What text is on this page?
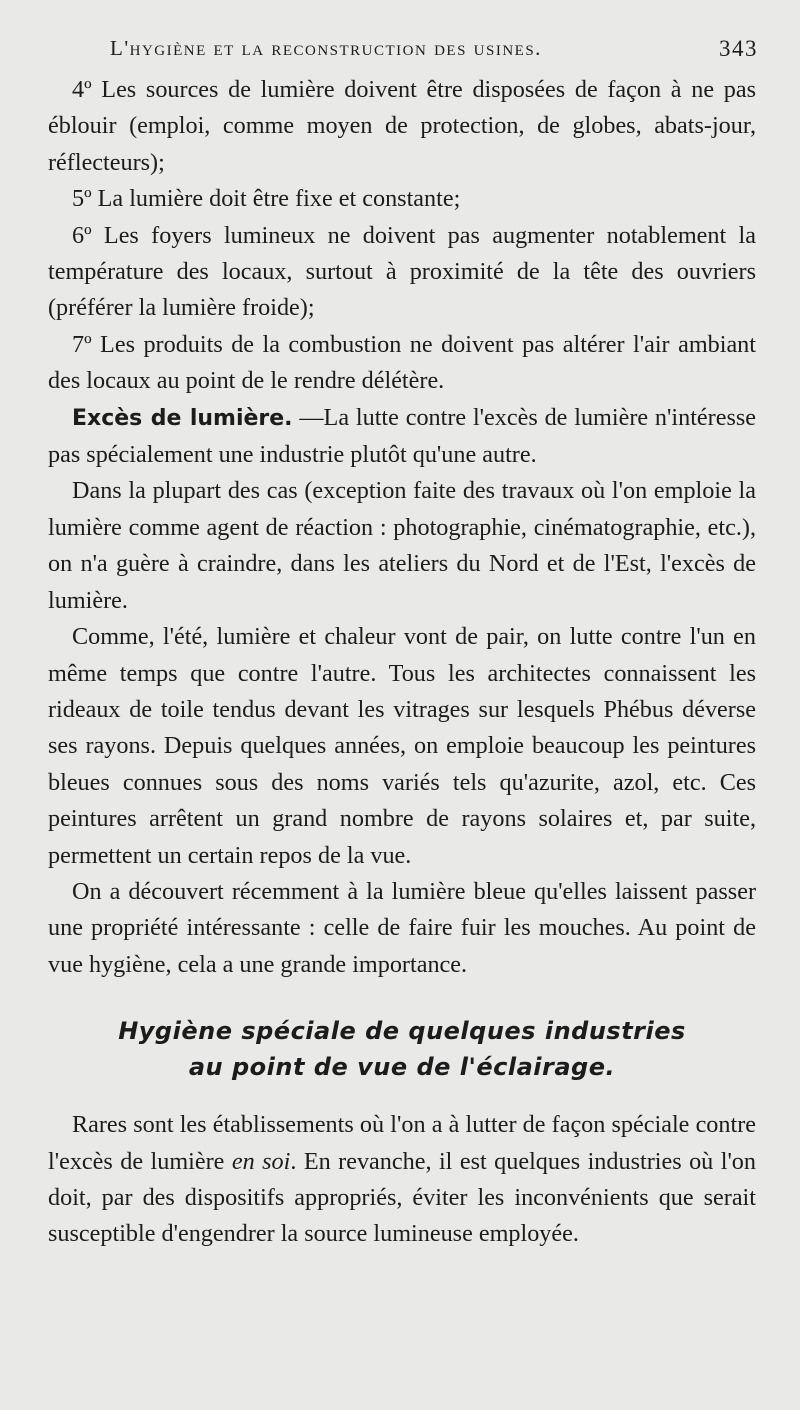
L'hygiène et la reconstruction des usines.	343

4º Les sources de lumière doivent être disposées de façon à ne pas éblouir (emploi, comme moyen de protection, de globes, abats-jour, réflecteurs);

5º La lumière doit être fixe et constante;

6º Les foyers lumineux ne doivent pas augmenter notablement la température des locaux, surtout à proximité de la tête des ouvriers (préférer la lumière froide);

7º Les produits de la combustion ne doivent pas altérer l'air ambiant des locaux au point de le rendre délétère.

Excès de lumière. —La lutte contre l'excès de lumière n'intéresse pas spécialement une industrie plutôt qu'une autre.

Dans la plupart des cas (exception faite des travaux où l'on emploie la lumière comme agent de réaction : photographie, cinématographie, etc.), on n'a guère à craindre, dans les ateliers du Nord et de l'Est, l'excès de lumière.

Comme, l'été, lumière et chaleur vont de pair, on lutte contre l'un en même temps que contre l'autre. Tous les architectes connaissent les rideaux de toile tendus devant les vitrages sur lesquels Phébus déverse ses rayons. Depuis quelques années, on emploie beaucoup les peintures bleues connues sous des noms variés tels qu'azurite, azol, etc. Ces peintures arrêtent un grand nombre de rayons solaires et, par suite, permettent un certain repos de la vue.

On a découvert récemment à la lumière bleue qu'elles laissent passer une propriété intéressante : celle de faire fuir les mouches. Au point de vue hygiène, cela a une grande importance.

Hygiène spéciale de quelques industries
au point de vue de l'éclairage.

Rares sont les établissements où l'on a à lutter de façon spéciale contre l'excès de lumière en soi. En revanche, il est quelques industries où l'on doit, par des dispositifs appropriés, éviter les inconvénients que serait susceptible d'engendrer la source lumineuse employée.
